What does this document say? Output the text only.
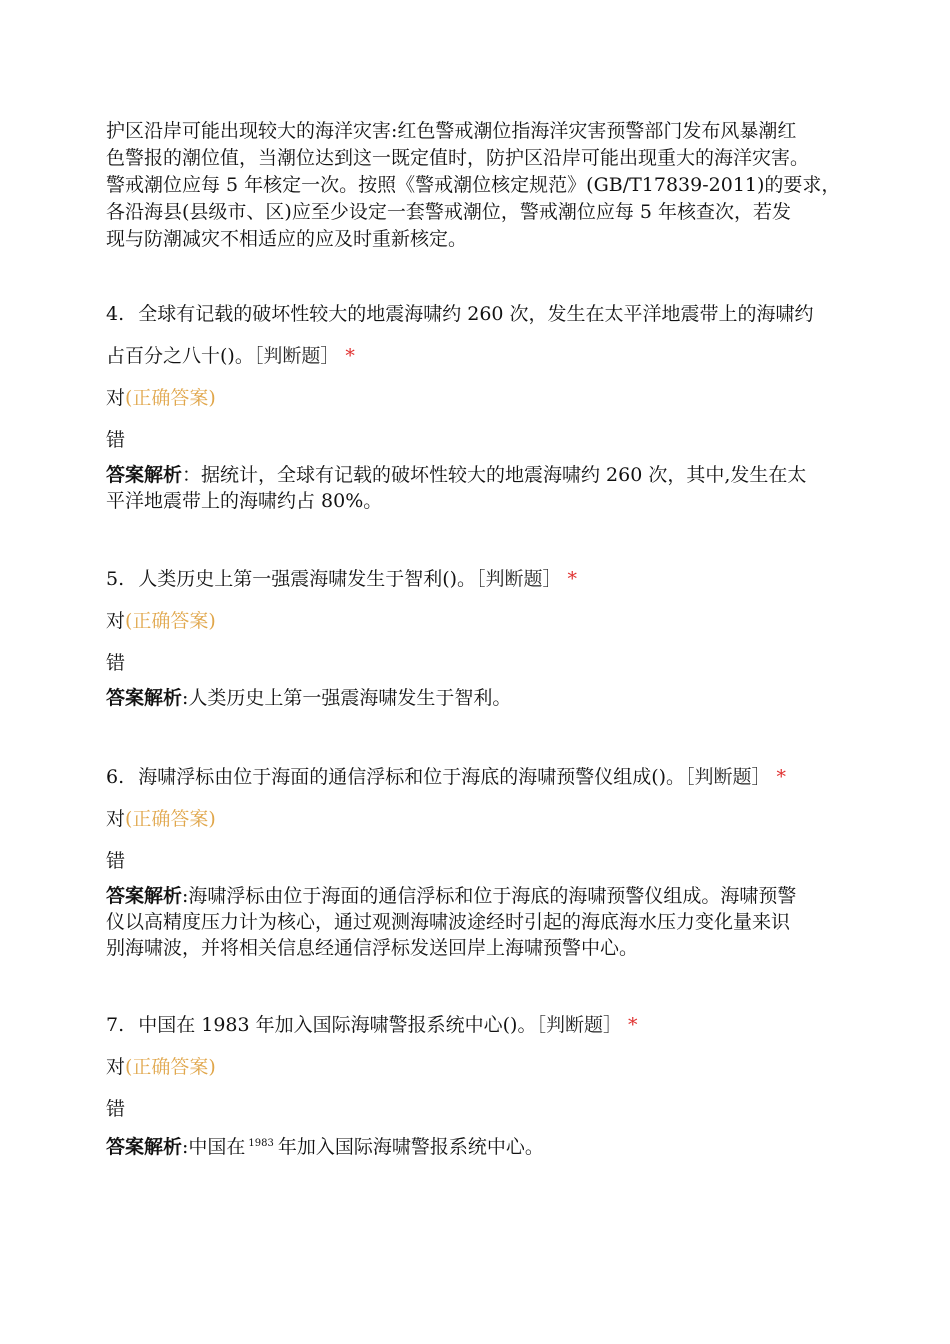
护区沿岸可能出现较大的海洋灾害:红色警戒潮位指海洋灾害预警部门发布风暴潮红
色警报的潮位值，当潮位达到这一既定值时，防护区沿岸可能出现重大的海洋灾害。
警戒潮位应每 5 年核定一次。按照《警戒潮位核定规范》(GB/T17839-2011)的要求，
各沿海县(县级市、区)应至少设定一套警戒潮位，警戒潮位应每 5 年核查次，若发
现与防潮减灾不相适应的应及时重新核定。
4. 全球有记载的破坏性较大的地震海啸约 260 次，发生在太平洋地震带上的海啸约
占百分之八十()。［判断题］ *
对(正确答案)
错
答案解析：据统计，全球有记载的破坏性较大的地震海啸约 260 次，其中,发生在太
平洋地震带上的海啸约占 80%。
5. 人类历史上第一强震海啸发生于智利()。［判断题］ *
对(正确答案)
错
答案解析:人类历史上第一强震海啸发生于智利。
6. 海啸浮标由位于海面的通信浮标和位于海底的海啸预警仪组成()。［判断题］ *
对(正确答案)
错
答案解析:海啸浮标由位于海面的通信浮标和位于海底的海啸预警仪组成。海啸预警
仪以高精度压力计为核心，通过观测海啸波途经时引起的海底海水压力变化量来识
别海啸波，并将相关信息经通信浮标发送回岸上海啸预警中心。
7. 中国在 1983 年加入国际海啸警报系统中心()。［判断题］ *
对(正确答案)
错
答案解析:中国在 $^{1983}$ 年加入国际海啸警报系统中心。
